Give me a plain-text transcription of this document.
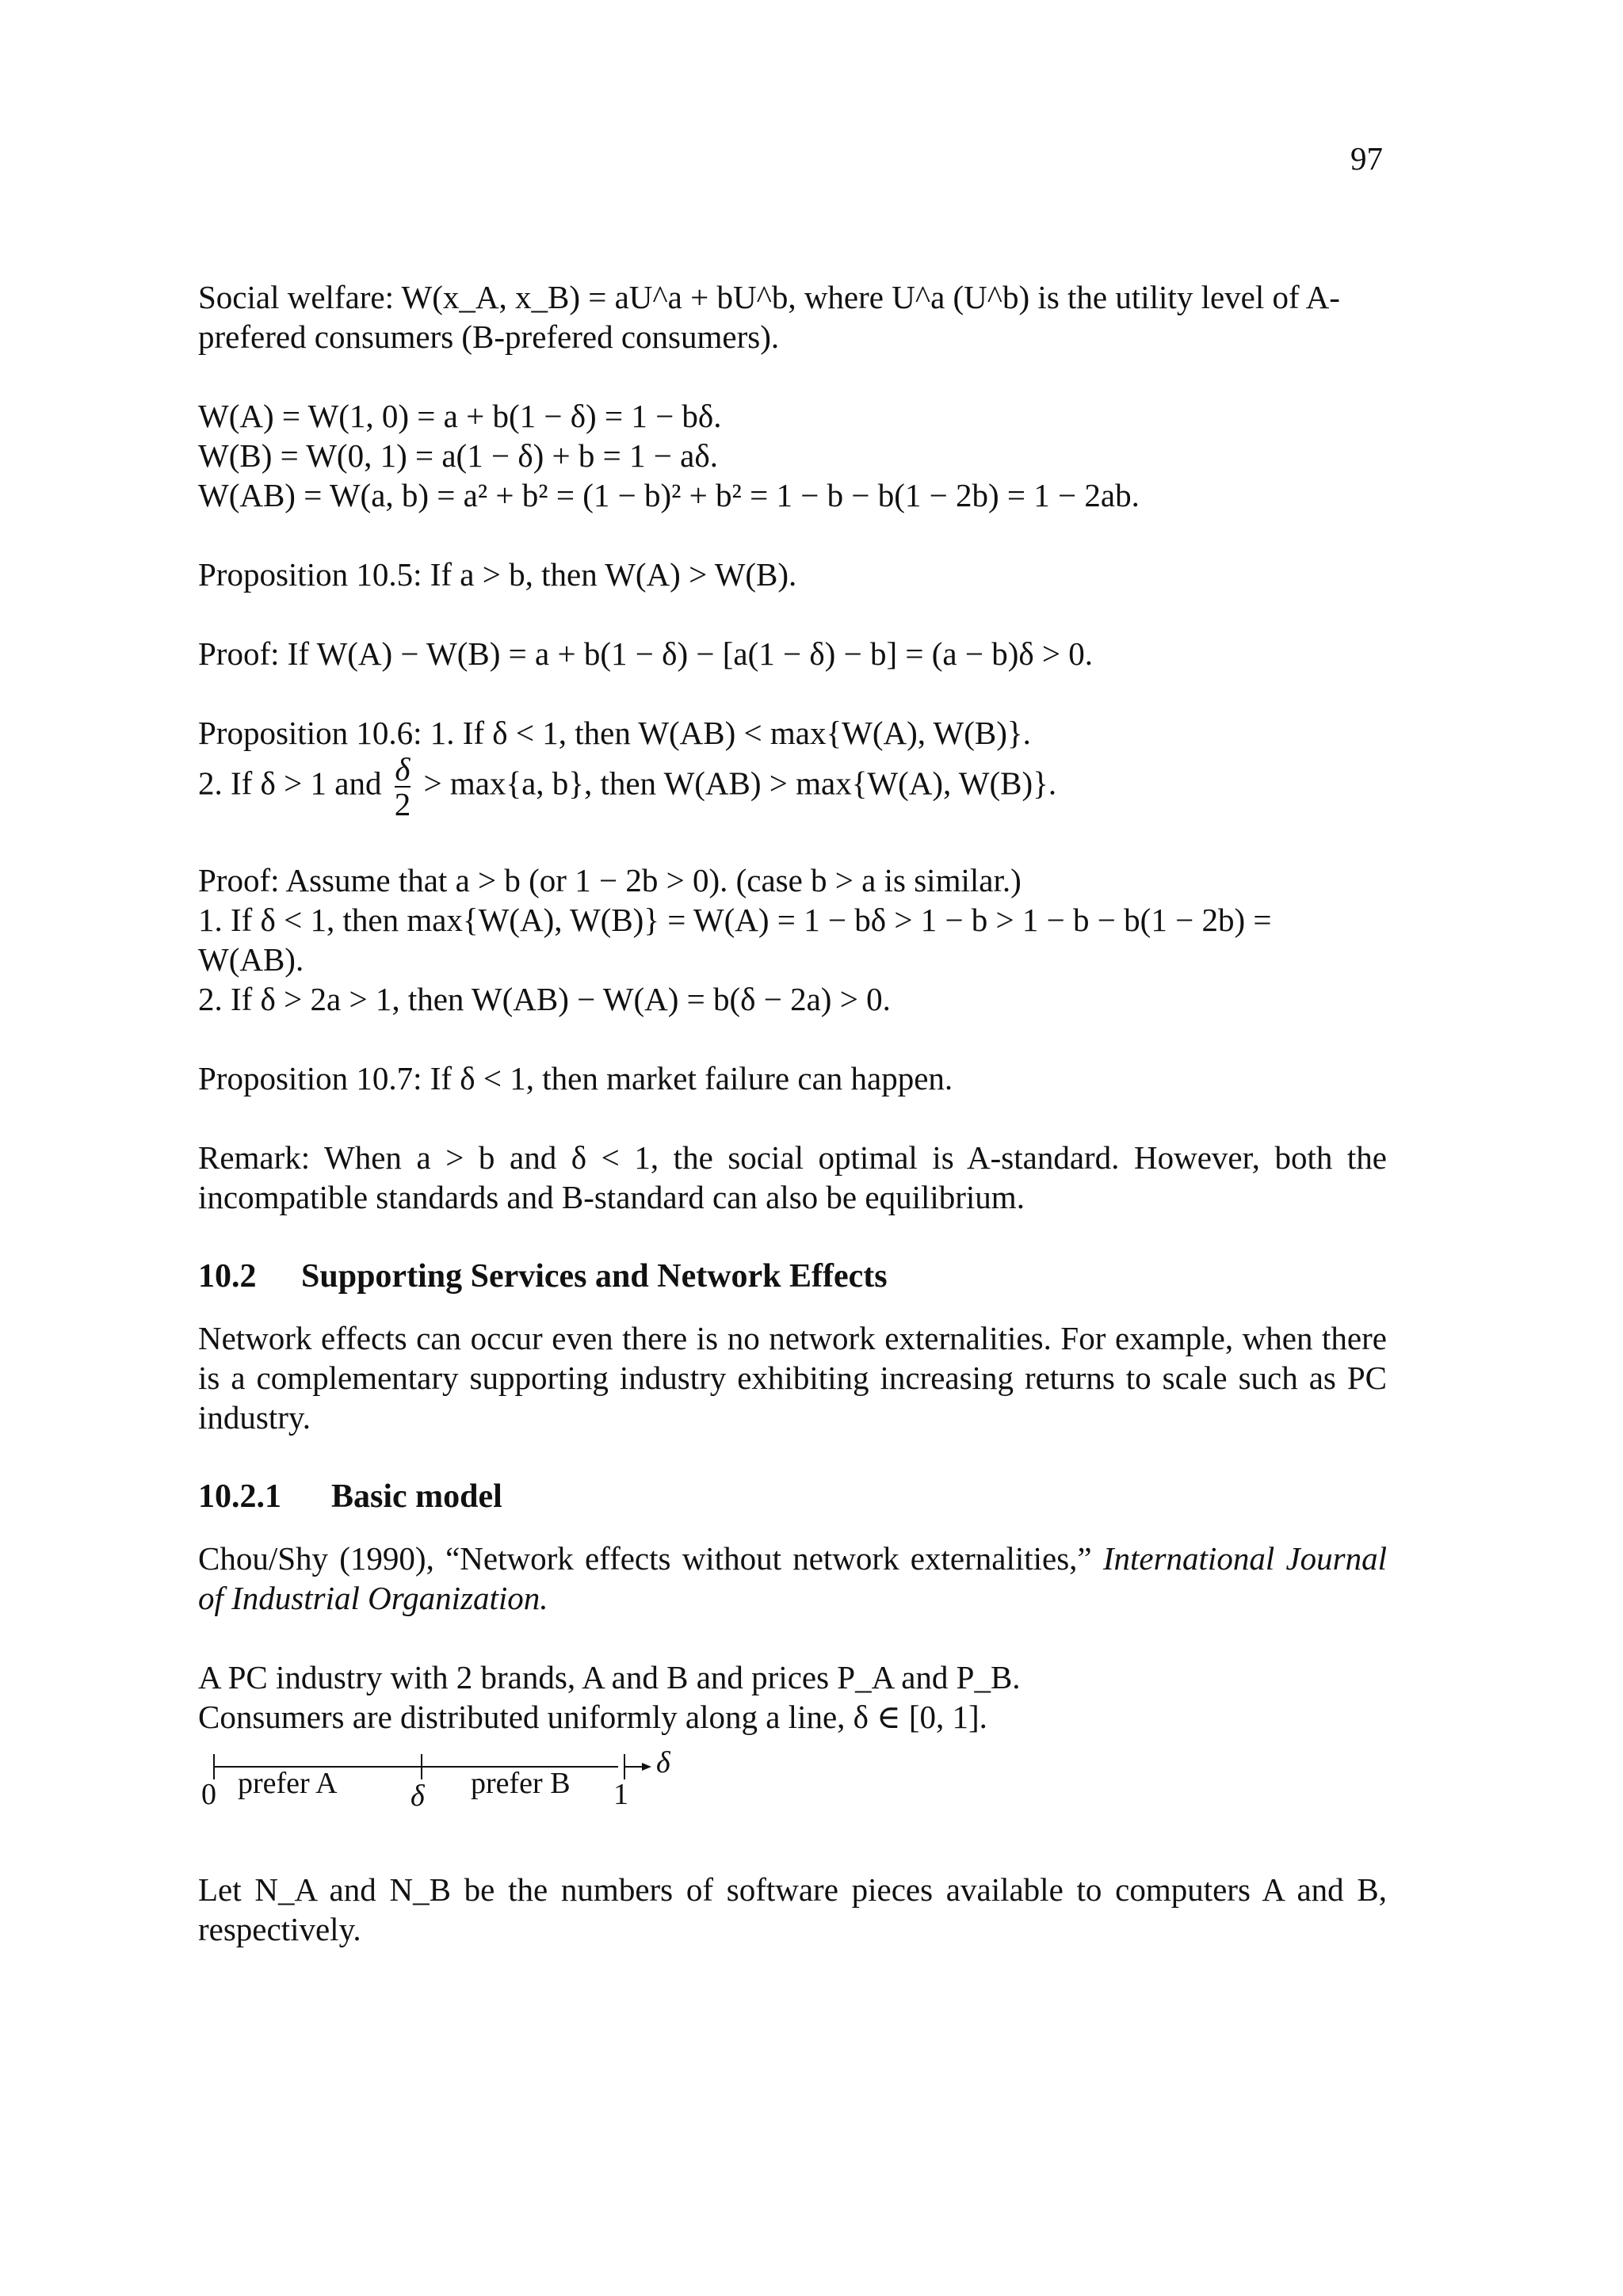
97

Social welfare: W(x_A, x_B) = aU^a + bU^b, where U^a (U^b) is the utility level of A-
prefered consumers (B-prefered consumers).

W(A) = W(1, 0) = a + b(1 − δ) = 1 − bδ.
W(B) = W(0, 1) = a(1 − δ) + b = 1 − aδ.
W(AB) = W(a, b) = a² + b² = (1 − b)² + b² = 1 − b − b(1 − 2b) = 1 − 2ab.

Proposition 10.5: If a > b, then W(A) > W(B).

Proof: If W(A) − W(B) = a + b(1 − δ) − [a(1 − δ) − b] = (a − b)δ > 0.

Proposition 10.6: 1. If δ < 1, then W(AB) < max{W(A), W(B)}.
2. If δ > 1 and $\frac{\delta}{2} > \max\{a$, b}, then W(AB) > max{W(A), W(B)}.

Proof: Assume that a > b (or 1 − 2b > 0). (case b > a is similar.)
1. If δ < 1, then max{W(A), W(B)} = W(A) = 1 − bδ > 1 − b > 1 − b − b(1 − 2b) =
W(AB).
2. If δ > 2a > 1, then W(AB) − W(A) = b(δ − 2a) > 0.

Proposition 10.7: If δ < 1, then market failure can happen.

Remark: When a > b and δ < 1, the social optimal is A-standard. However, both the incompatible standards and B-standard can also be equilibrium.

10.2 Supporting Services and Network Effects

Network effects can occur even there is no network externalities. For example, when there is a complementary supporting industry exhibiting increasing returns to scale such as PC industry.

10.2.1 Basic model

Chou/Shy (1990), “Network effects without network externalities,” International Journal of Industrial Organization.

A PC industry with 2 brands, A and B and prices P_A and P_B.
Consumers are distributed uniformly along a line, δ ∈ [0, 1].

0 prefer A δ prefer B 1
δ

Let N_A and N_B be the numbers of software pieces available to computers A and B, respectively.
